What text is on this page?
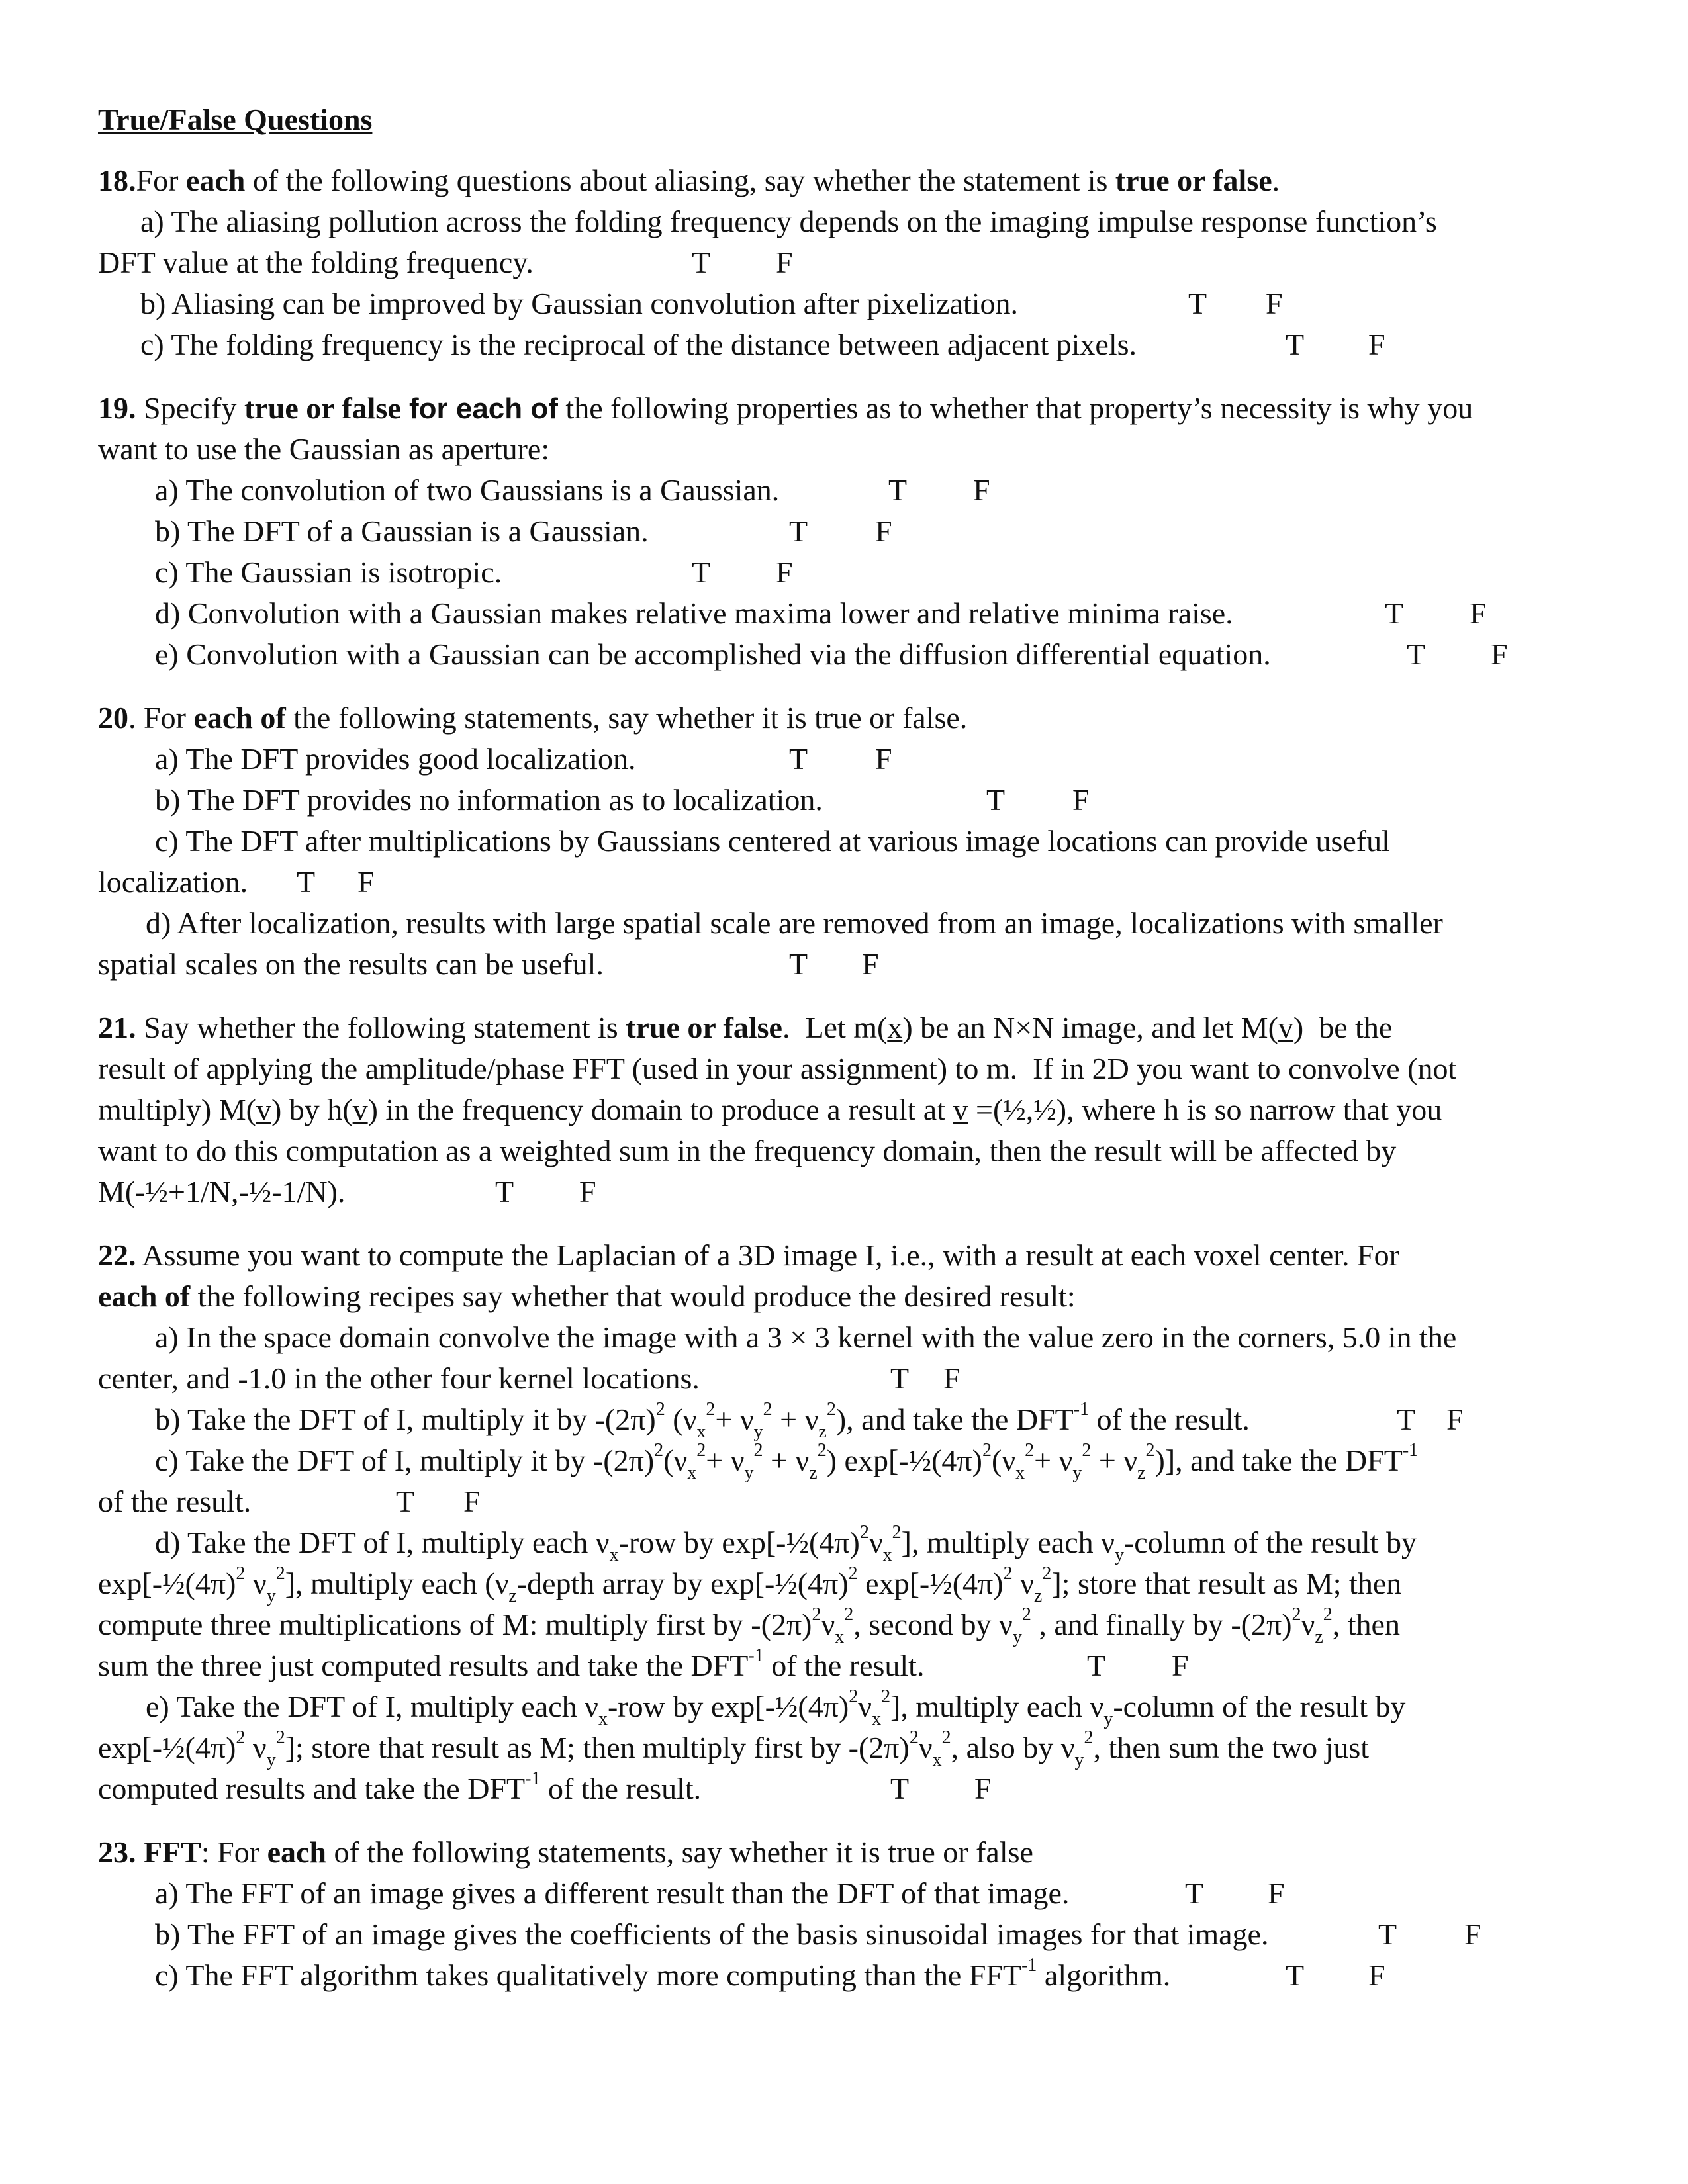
True/False Questions
18.For each of the following questions about aliasing, say whether the statement is true or false.
a) The aliasing pollution across the folding frequency depends on the imaging impulse response function’s
DFT value at the folding frequency.	T F
b) Aliasing can be improved by Gaussian convolution after pixelization.	T F
c) The folding frequency is the reciprocal of the distance between adjacent pixels.	T F
19. Specify true or false for each of the following properties as to whether that property’s necessity is why you
want to use the Gaussian as aperture:
a) The convolution of two Gaussians is a Gaussian.	T F
b) The DFT of a Gaussian is a Gaussian.	T F
c) The Gaussian is isotropic.	T F
d) Convolution with a Gaussian makes relative maxima lower and relative minima raise.	T F
e) Convolution with a Gaussian can be accomplished via the diffusion differential equation.	T F
20. For each of the following statements, say whether it is true or false.
a) The DFT provides good localization.	T F
b) The DFT provides no information as to localization.	T F
c) The DFT after multiplications by Gaussians centered at various image locations can provide useful
localization. T F
d) After localization, results with large spatial scale are removed from an image, localizations with smaller
spatial scales on the results can be useful.	T F
21. Say whether the following statement is true or false.  Let m(x) be an N×N image, and let M(v)  be the
result of applying the amplitude/phase FFT (used in your assignment) to m.  If in 2D you want to convolve (not
multiply) M(v) by h(v) in the frequency domain to produce a result at v =(½,½), where h is so narrow that you
want to do this computation as a weighted sum in the frequency domain, then the result will be affected by
M(-½+1/N,-½-1/N).	T F
22. Assume you want to compute the Laplacian of a 3D image I, i.e., with a result at each voxel center. For
each of the following recipes say whether that would produce the desired result:
a) In the space domain convolve the image with a 3 × 3 kernel with the value zero in the corners, 5.0 in the
center, and -1.0 in the other four kernel locations.	T F
b) Take the DFT of I, multiply it by $-(2\pi)^2$ $(\nu_x^2+ \nu_y^2 + \nu_z^2)$, and take the $DFT^{-1}$ of the result.	T F
c) Take the DFT of I, multiply it by $-(2\pi)^2(\nu_x^2+ \nu_y^2 + \nu_z^2)$ $\exp[-\frac{1}{2}(4\pi)^2(\nu_x^2+ \nu_y^2 + \nu_z^2)]$, and take the $DFT^{-1}$
of the result.	T F
d) Take the DFT of I, multiply each $\nu_x$-row by $\exp[-\frac{1}{2}(4\pi)^2\nu_x^2]$, multiply each $\nu_y$-column of the result by
$\exp[-\frac{1}{2}(4\pi)^2$ $\nu_y^2$], multiply each ($\nu_z$-depth array by $\exp[-\frac{1}{2}(4\pi)^2$ $\exp[-\frac{1}{2}(4\pi)^2$ $\nu_z^2$]; store that result as M; then
compute three multiplications of M: multiply first by $-(2\pi)^2\nu_x^2$, second by $\nu_y^2$ , and finally by $-(2\pi)^2\nu_z^2$, then
sum the three just computed results and take the $DFT^{-1}$ of the result.	T F
e) Take the DFT of I, multiply each $\nu_x$-row by $\exp[-\frac{1}{2}(4\pi)^2\nu_x^2]$, multiply each $\nu_y$-column of the result by
$\exp[-\frac{1}{2}(4\pi)^2$ $\nu_y^2$]; store that result as M; then multiply first by $-(2\pi)^2\nu_x^2$, also by $\nu_y^2$, then sum the two just
computed results and take the $DFT^{-1}$ of the result.	T F
23. FFT: For each of the following statements, say whether it is true or false
a) The FFT of an image gives a different result than the DFT of that image.	T F
b) The FFT of an image gives the coefficients of the basis sinusoidal images for that image.	T F
c) The FFT algorithm takes qualitatively more computing than the $FFT^{-1}$ algorithm.	T F
